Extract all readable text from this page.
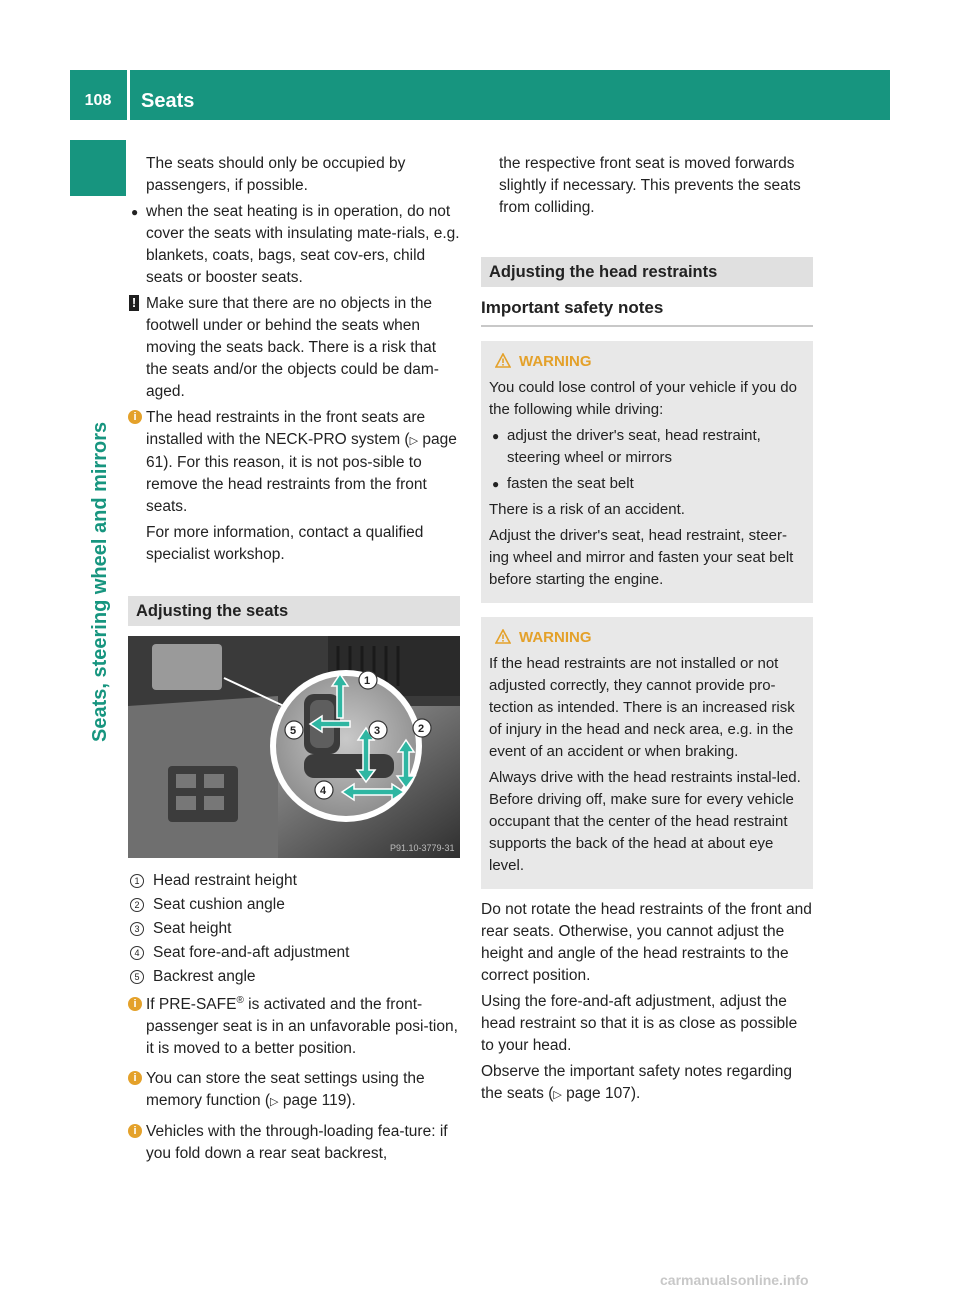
108	Seats
Seats, steering wheel and mirrors

The seats should only be occupied by passengers, if possible.

● when the seat heating is in operation, do not cover the seats with insulating mate-rials, e.g. blankets, coats, bags, seat cov-ers, child seats or booster seats.
! Make sure that there are no objects in the footwell under or behind the seats when moving the seats back. There is a risk that the seats and/or the objects could be dam-aged.
i The head restraints in the front seats are installed with the NECK-PRO system (▷ page 61). For this reason, it is not pos-sible to remove the head restraints from the front seats.

For more information, contact a qualified specialist workshop.

Adjusting the seats
1
2
3
4
5
P91.10-3779-31
1 Head restraint height
2 Seat cushion angle
3 Seat height
4 Seat fore-and-aft adjustment
5 Backrest angle
i If PRE-SAFE® is activated and the front-passenger seat is in an unfavorable posi-tion, it is moved to a better position.
i You can store the seat settings using the memory function (▷ page 119).
i Vehicles with the through-loading fea-ture: if you fold down a rear seat backrest,

the respective front seat is moved forwards slightly if necessary. This prevents the seats from colliding.

Adjusting the head restraints
Important safety notes
WARNING

You could lose control of your vehicle if you do the following while driving:

● adjust the driver's seat, head restraint, steering wheel or mirrors
● fasten the seat belt

There is a risk of an accident.

Adjust the driver's seat, head restraint, steer-ing wheel and mirror and fasten your seat belt before starting the engine.

WARNING

If the head restraints are not installed or not adjusted correctly, they cannot provide pro-tection as intended. There is an increased risk of injury in the head and neck area, e.g. in the event of an accident or when braking.

Always drive with the head restraints instal-led. Before driving off, make sure for every vehicle occupant that the center of the head restraint supports the back of the head at about eye level.

Do not rotate the head restraints of the front and rear seats. Otherwise, you cannot adjust the height and angle of the head restraints to the correct position.

Using the fore-and-aft adjustment, adjust the head restraint so that it is as close as possible to your head.

Observe the important safety notes regarding the seats (▷ page 107).

carmanualsonline.info
